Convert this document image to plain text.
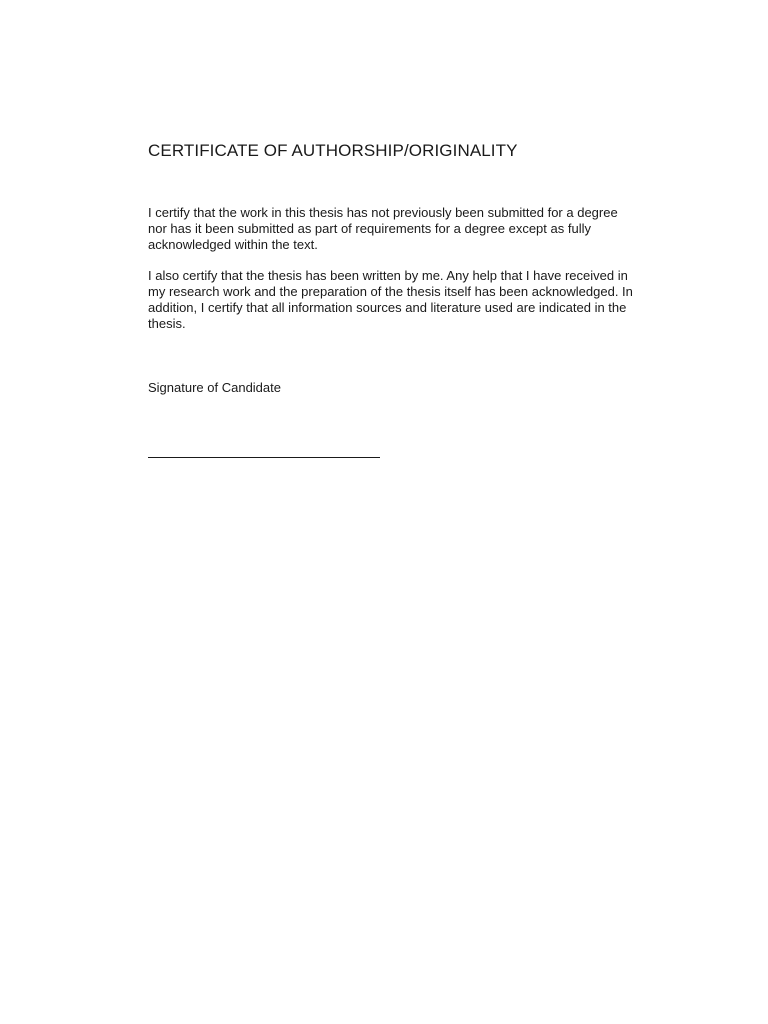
CERTIFICATE OF AUTHORSHIP/ORIGINALITY

I certify that the work in this thesis has not previously been submitted for a degree
nor has it been submitted as part of requirements for a degree except as fully
acknowledged within the text.

I also certify that the thesis has been written by me. Any help that I have received in
my research work and the preparation of the thesis itself has been acknowledged. In
addition, I certify that all information sources and literature used are indicated in the
thesis.

Signature of Candidate
